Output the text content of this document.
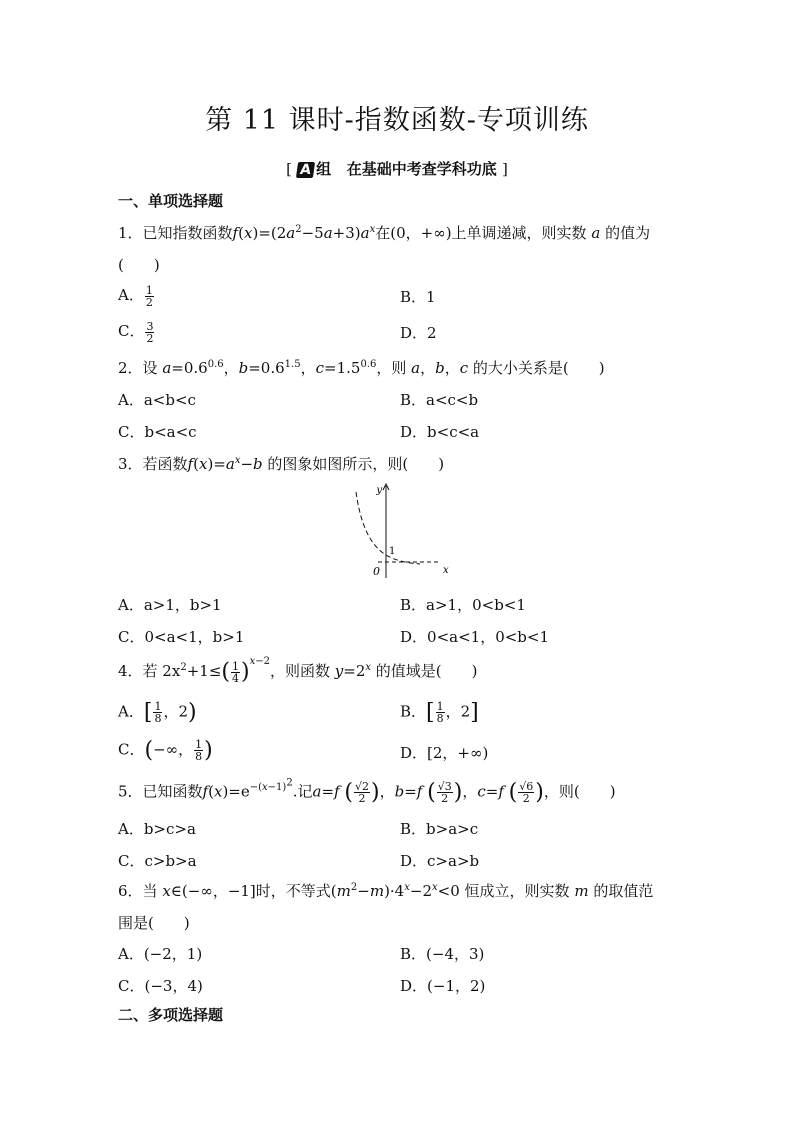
第 11 课时-指数函数-专项训练
[ A 组 在基础中考查学科功底 ]
一、单项选择题
1．已知指数函数$f(x)=(2a^2-5a+3)a^x$在(0，+∞)上单调递减，则实数 a 的值为
(　　)
A． $\frac{1}{2}$	B．1
C． $\frac{3}{2}$	D．2
2．设 $a=0.6^{0.6}$，$b=0.6^{1.5}$，$c=1.5^{0.6}$，则 a，b，c 的大小关系是(　　)
A．a<b<c	B．a<c<b
C．b<a<c	D．b<c<a
3．若函数$f(x)=a^x-b$ 的图象如图所示，则(　　)
y
x
0
1
A．a>1，b>1	B．a>1，0<b<1
C．0<a<1，b>1	D．0<a<1，0<b<1
4．若 $2x^2+1\le( \frac{1}{4} )^{x-2}$，则函数 $y=2^x$ 的值域是(　　)
A．[ $\frac{1}{8}$ ，2)	B．[ $\frac{1}{8}$ ，2]
C．(−∞， $\frac{1}{8}$ )	D．[2，+∞)
5．已知函数$f(x)=e^{-(x-1)^2}$.记a=f ( $\frac{√2}{2}$ )，b=f ( $\frac{√3}{2}$ )，c=f ( $\frac{√6}{2}$ )，则(　　)
A．b>c>a	B．b>a>c
C．c>b>a	D．c>a>b
6．当 x∈(−∞，−1]时，不等式$(m^2-m)\cdot 4^x-2^x<0$ 恒成立，则实数 m 的取值范
围是(　　)
A．(−2，1)	B．(−4，3)
C．(−3，4)	D．(−1，2)
二、多项选择题
